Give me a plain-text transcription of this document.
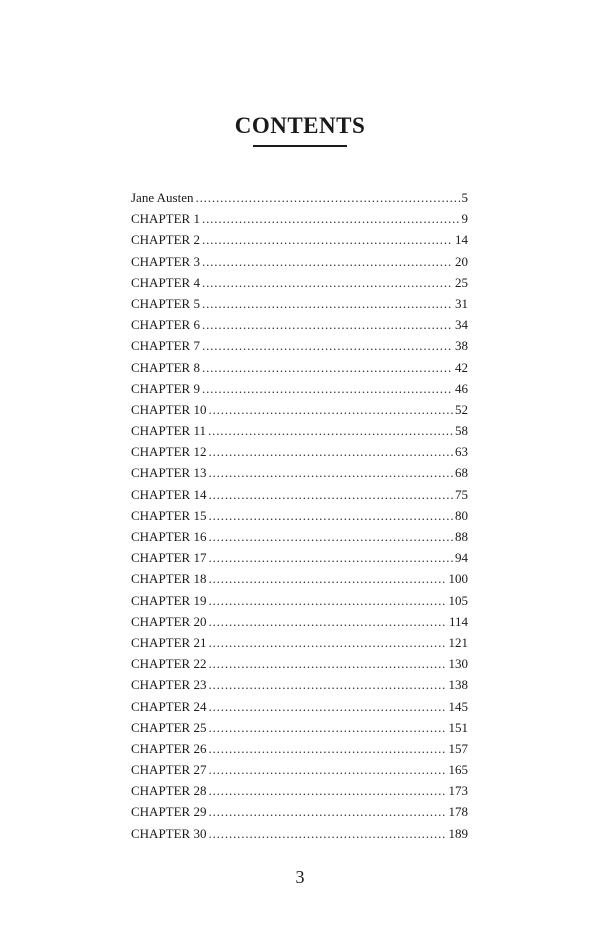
CONTENTS
Jane Austen . . .	5
CHAPTER 1 . . .	9
CHAPTER 2 . . .	14
CHAPTER 3 . . .	20
CHAPTER 4 . . .	25
CHAPTER 5 . . .	31
CHAPTER 6 . . .	34
CHAPTER 7 . . .	38
CHAPTER 8 . . .	42
CHAPTER 9 . . .	46
CHAPTER 10 . . .	52
CHAPTER 11 . . .	58
CHAPTER 12 . . .	63
CHAPTER 13 . . .	68
CHAPTER 14 . . .	75
CHAPTER 15 . . .	80
CHAPTER 16 . . .	88
CHAPTER 17 . . .	94
CHAPTER 18 . . .	100
CHAPTER 19 . . .	105
CHAPTER 20 . . .	114
CHAPTER 21 . . .	121
CHAPTER 22 . . .	130
CHAPTER 23 . . .	138
CHAPTER 24 . . .	145
CHAPTER 25 . . .	151
CHAPTER 26 . . .	157
CHAPTER 27 . . .	165
CHAPTER 28 . . .	173
CHAPTER 29 . . .	178
CHAPTER 30 . . .	189
3
